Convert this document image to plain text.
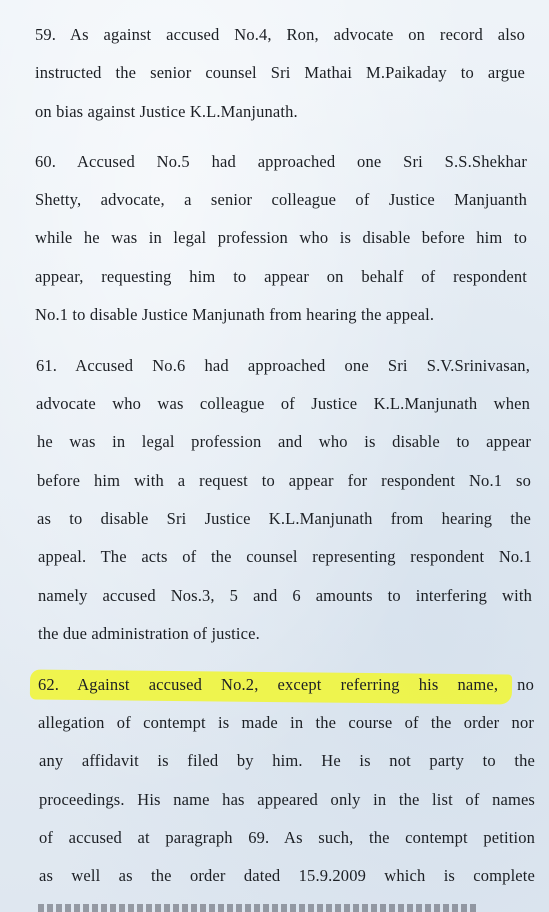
59. As against accused No.4, Ron, advocate on record also
instructed the senior counsel Sri Mathai M.Paikaday to argue
on bias against Justice K.L.Manjunath.
60. Accused No.5 had approached one Sri S.S.Shekhar
Shetty, advocate, a senior colleague of Justice Manjuanth
while he was in legal profession who is disable before him to
appear, requesting him to appear on behalf of respondent
No.1 to disable Justice Manjunath from hearing the appeal.
61. Accused No.6 had approached one Sri S.V.Srinivasan,
advocate who was colleague of Justice K.L.Manjunath when
he was in legal profession and who is disable to appear
before him with a request to appear for respondent No.1 so
as to disable Sri Justice K.L.Manjunath from hearing the
appeal. The acts of the counsel representing respondent No.1
namely accused Nos.3, 5 and 6 amounts to interfering with
the due administration of justice.
62. Against accused No.2, except referring his name, no
allegation of contempt is made in the course of the order nor
any affidavit is filed by him. He is not party to the
proceedings. His name has appeared only in the list of names
of accused at paragraph 69. As such, the contempt petition
as well as the order dated 15.9.2009 which is complete
